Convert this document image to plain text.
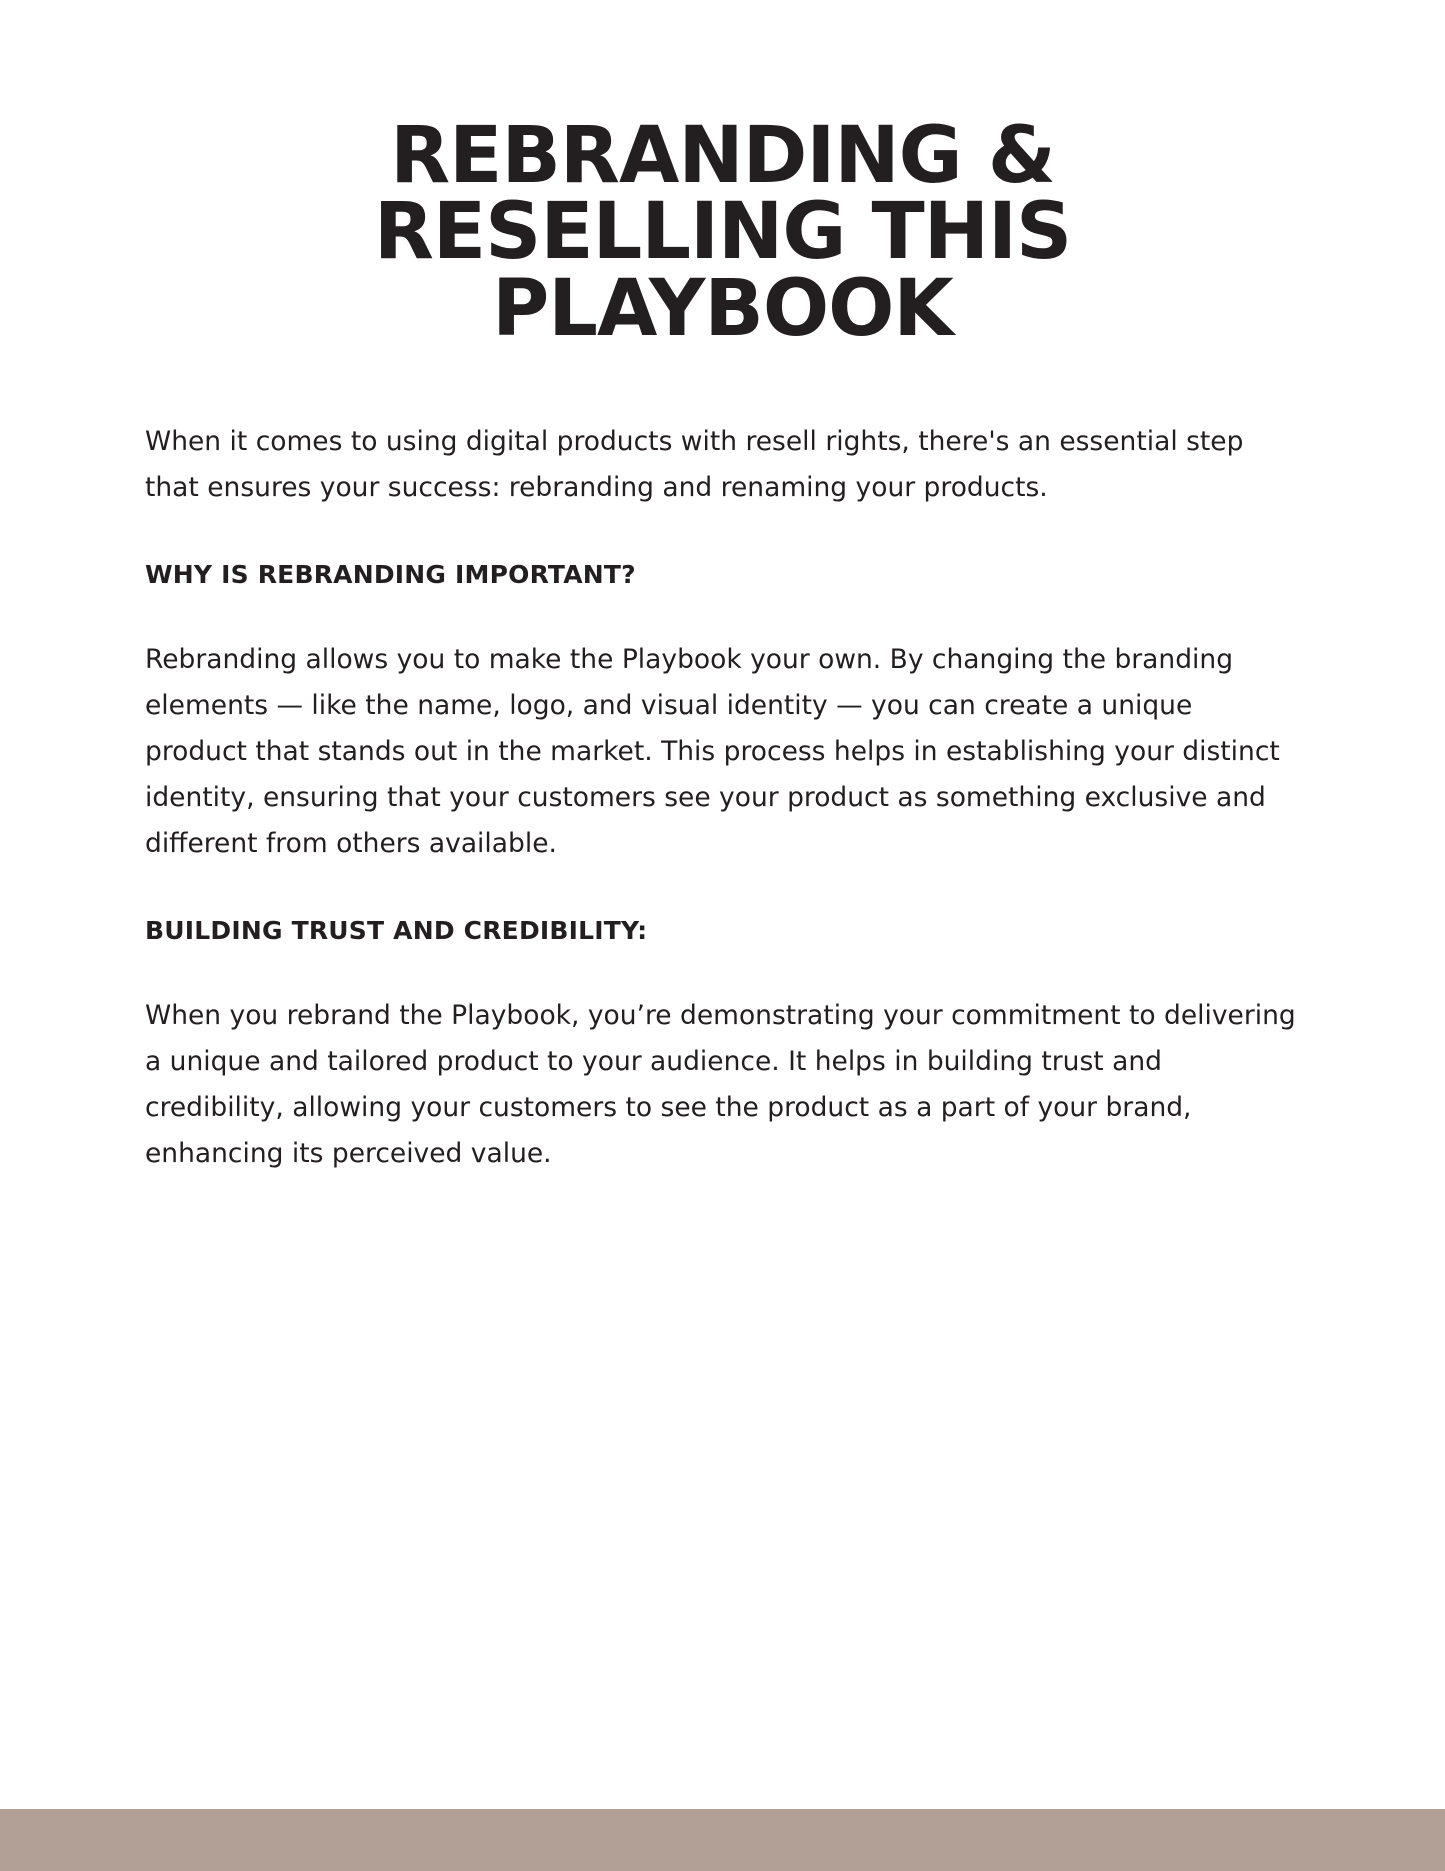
REBRANDING & RESELLING THIS PLAYBOOK

When it comes to using digital products with resell rights, there's an essential step that ensures your success: rebranding and renaming your products.

WHY IS REBRANDING IMPORTANT?

Rebranding allows you to make the Playbook your own. By changing the branding elements — like the name, logo, and visual identity — you can create a unique product that stands out in the market. This process helps in establishing your distinct identity, ensuring that your customers see your product as something exclusive and different from others available.

BUILDING TRUST AND CREDIBILITY:

When you rebrand the Playbook, you’re demonstrating your commitment to delivering a unique and tailored product to your audience. It helps in building trust and credibility, allowing your customers to see the product as a part of your brand, enhancing its perceived value.
